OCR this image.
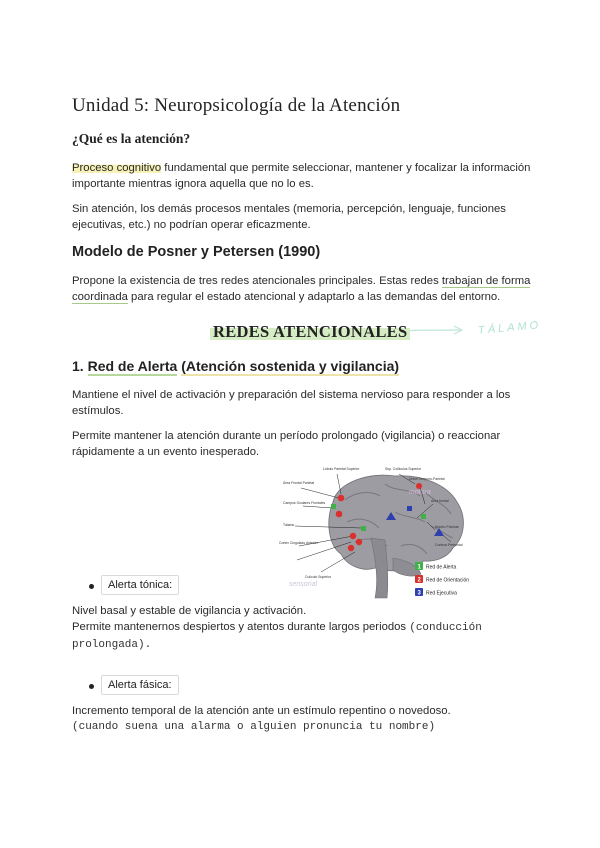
Unidad 5: Neuropsicología de la Atención
¿Qué es la atención?
Proceso cognitivo fundamental que permite seleccionar, mantener y focalizar la información importante mientras ignora aquella que no lo es.
Sin atención, los demás procesos mentales (memoria, percepción, lenguaje, funciones ejecutivas, etc.) no podrían operar eficazmente.
Modelo de Posner y Petersen (1990)
Propone la existencia de tres redes atencionales principales. Estas redes trabajan de forma coordinada para regular el estado atencional y adaptarlo a las demandas del entorno.
REDES ATENCIONALES	TÁLAMO
1. Red de Alerta (Atención sostenida y vigilancia)
Mantiene el nivel de activación y preparación del sistema nervioso para responder a los estímulos.
Permite mantener la atención durante un período prolongado (vigilancia) o reaccionar rápidamente a un evento inesperado.
motora
sensorial
Lóbulo Parietal Superior
Área Frontal Parietal
Sup. Colliculus Superior
Unión Temporo-Parietal
Campos Oculares Frontales	Área frontal
Tálamo	Núcleo Pulvinar
Cortex Cingulado Anterior	Corteza Prefrontal
Culículo Superior
1 Red de Alerta
2 Red de Orientación
3 Red Ejecutiva
Alerta tónica:
Nivel basal y estable de vigilancia y activación.
Permite mantenernos despiertos y atentos durante largos periodos (conducción prolongada).
Alerta fásica:
Incremento temporal de la atención ante un estímulo repentino o novedoso.
(cuando suena una alarma o alguien pronuncia tu nombre)
